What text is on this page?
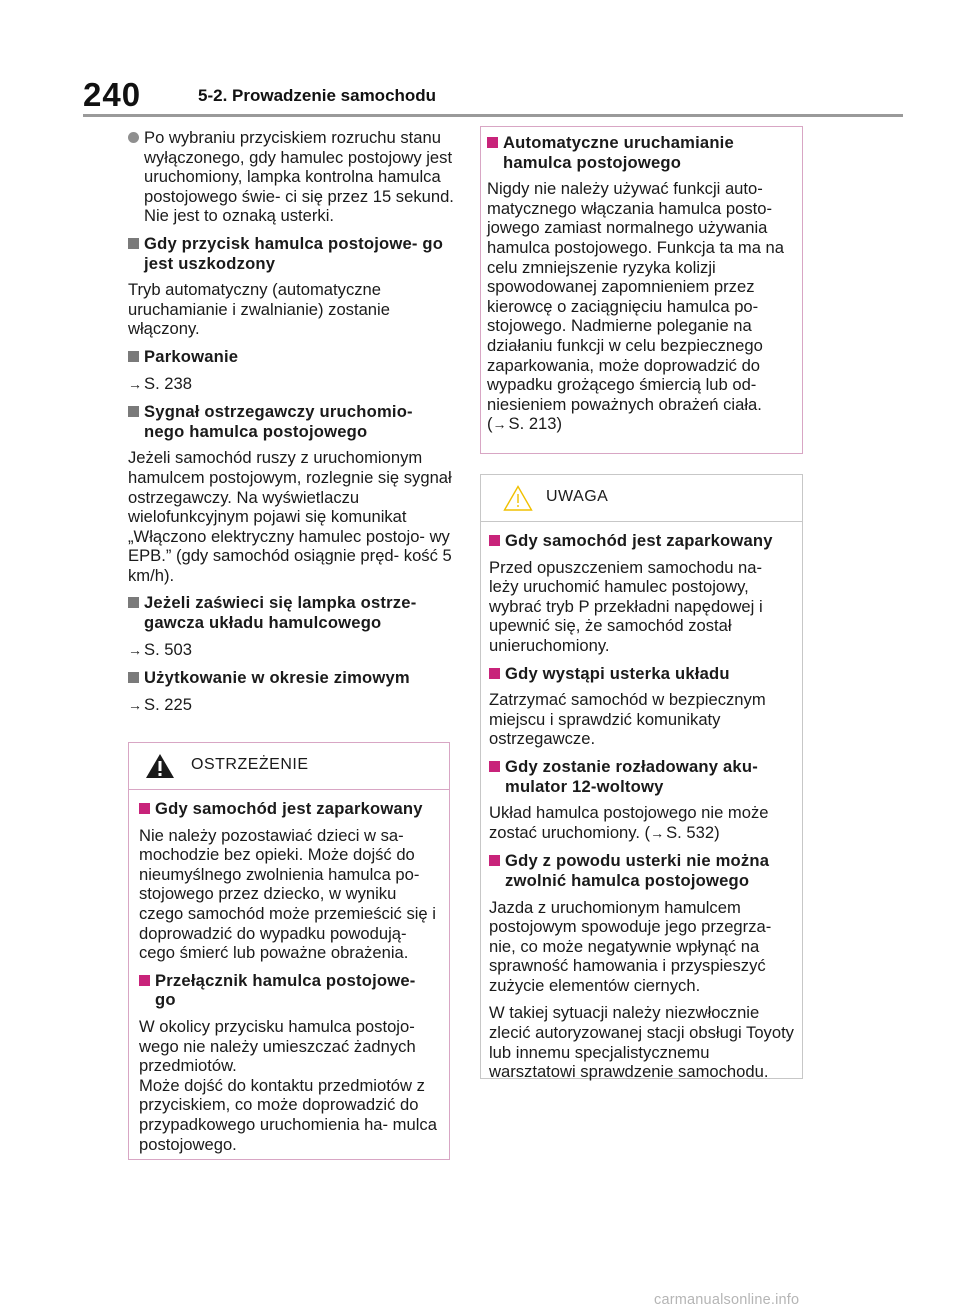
240	5-2. Prowadzenie samochodu
Po wybraniu przyciskiem rozruchu stanu wyłączonego, gdy hamulec postojowy jest uruchomiony, lampka kontrolna hamulca postojowego świe- ci się przez 15 sekund.
Nie jest to oznaką usterki.
Gdy przycisk hamulca postojowe- go jest uszkodzony

Tryb automatyczny (automatyczne uruchamianie i zwalnianie) zostanie włączony.

Parkowanie

→ S. 238

Sygnał ostrzegawczy uruchomio- nego hamulca postojowego

Jeżeli samochód ruszy z uruchomionym hamulcem postojowym, rozlegnie się sygnał ostrzegawczy. Na wyświetlaczu wielofunkcyjnym pojawi się komunikat „Włączono elektryczny hamulec postojo- wy EPB.” (gdy samochód osiągnie pręd- kość 5 km/h).

Jeżeli zaświeci się lampka ostrze- gawcza układu hamulcowego

→ S. 503

Użytkowanie w okresie zimowym

→ S. 225

OSTRZEŻENIE
Gdy samochód jest zaparkowany

Nie należy pozostawiać dzieci w sa- mochodzie bez opieki. Może dojść do nieumyślnego zwolnienia hamulca po- stojowego przez dziecko, w wyniku czego samochód może przemieścić się i doprowadzić do wypadku powodują- cego śmierć lub poważne obrażenia.

Przełącznik hamulca postojowe- go

W okolicy przycisku hamulca postojo- wego nie należy umieszczać żadnych przedmiotów.

Może dojść do kontaktu przedmiotów z przyciskiem, co może doprowadzić do przypadkowego uruchomienia ha- mulca postojowego.

Automatyczne uruchamianie hamulca postojowego

Nigdy nie należy używać funkcji auto- matycznego włączania hamulca posto- jowego zamiast normalnego używania hamulca postojowego. Funkcja ta ma na celu zmniejszenie ryzyka kolizji spowodowanej zapomnieniem przez kierowcę o zaciągnięciu hamulca po- stojowego. Nadmierne poleganie na działaniu funkcji w celu bezpiecznego zaparkowania, może doprowadzić do wypadku grożącego śmiercią lub od- niesieniem poważnych obrażeń ciała.

(→ S. 213)

UWAGA
Gdy samochód jest zaparkowany

Przed opuszczeniem samochodu na- leży uruchomić hamulec postojowy, wybrać tryb P przekładni napędowej i upewnić się, że samochód został unieruchomiony.

Gdy wystąpi usterka układu

Zatrzymać samochód w bezpiecznym miejscu i sprawdzić komunikaty ostrzegawcze.

Gdy zostanie rozładowany aku- mulator 12-woltowy

Układ hamulca postojowego nie może zostać uruchomiony. (→ S. 532)

Gdy z powodu usterki nie można zwolnić hamulca postojowego

Jazda z uruchomionym hamulcem postojowym spowoduje jego przegrza- nie, co może negatywnie wpłynąć na sprawność hamowania i przyspieszyć zużycie elementów ciernych.

W takiej sytuacji należy niezwłocznie zlecić autoryzowanej stacji obsługi Toyoty lub innemu specjalistycznemu warsztatowi sprawdzenie samochodu.

carmanualsonline.info
